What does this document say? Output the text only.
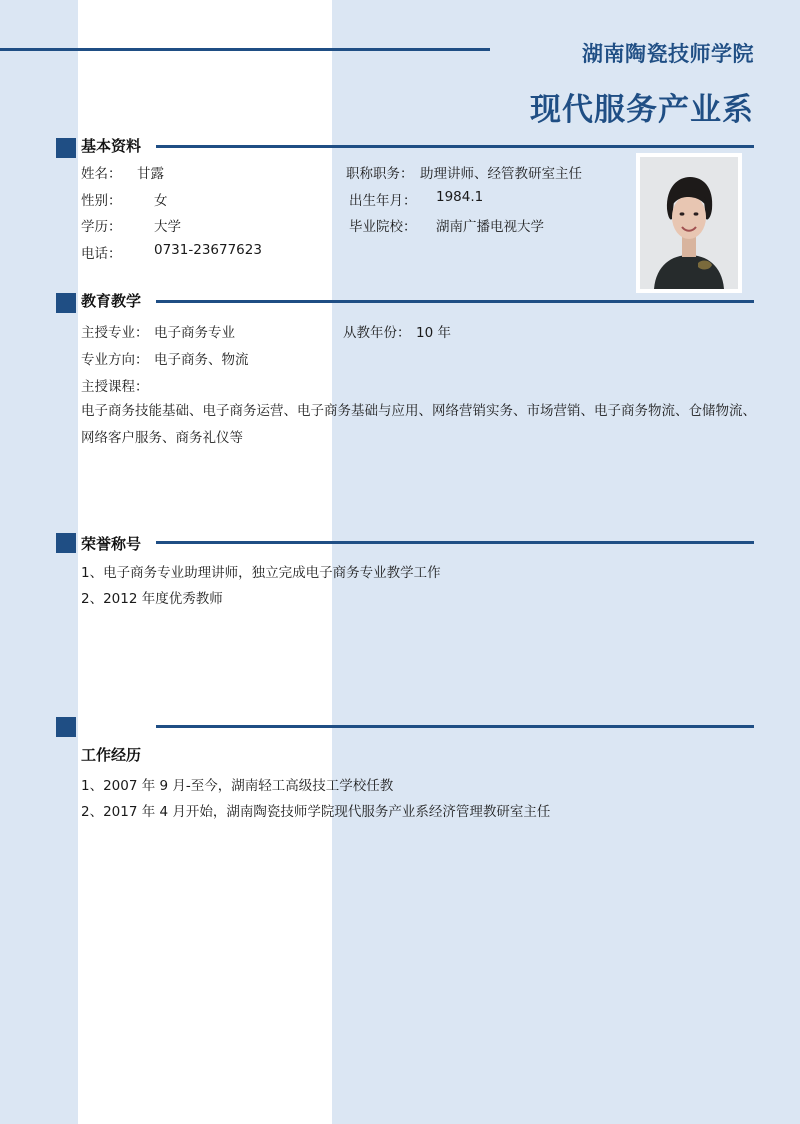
湖南陶瓷技师学院
现代服务产业系
基本资料
姓名： 甘露	职称职务： 助理讲师、经管教研室主任
性别： 女	出生年月： 1984.1
学历： 大学	毕业院校： 湖南广播电视大学
电话： 0731-23677623
教育教学
主授专业： 电子商务专业	从教年份： 10 年
专业方向： 电子商务、物流
主授课程：
电子商务技能基础、电子商务运营、电子商务基础与应用、网络营销实务、市场营销、电子商务物流、仓储物流、网络客户服务、商务礼仪等
荣誉称号
1、电子商务专业助理讲师，独立完成电子商务专业教学工作
2、2012 年度优秀教师
工作经历
1、2007 年 9 月-至今，湖南轻工高级技工学校任教
2、2017 年 4 月开始，湖南陶瓷技师学院现代服务产业系经济管理教研室主任
